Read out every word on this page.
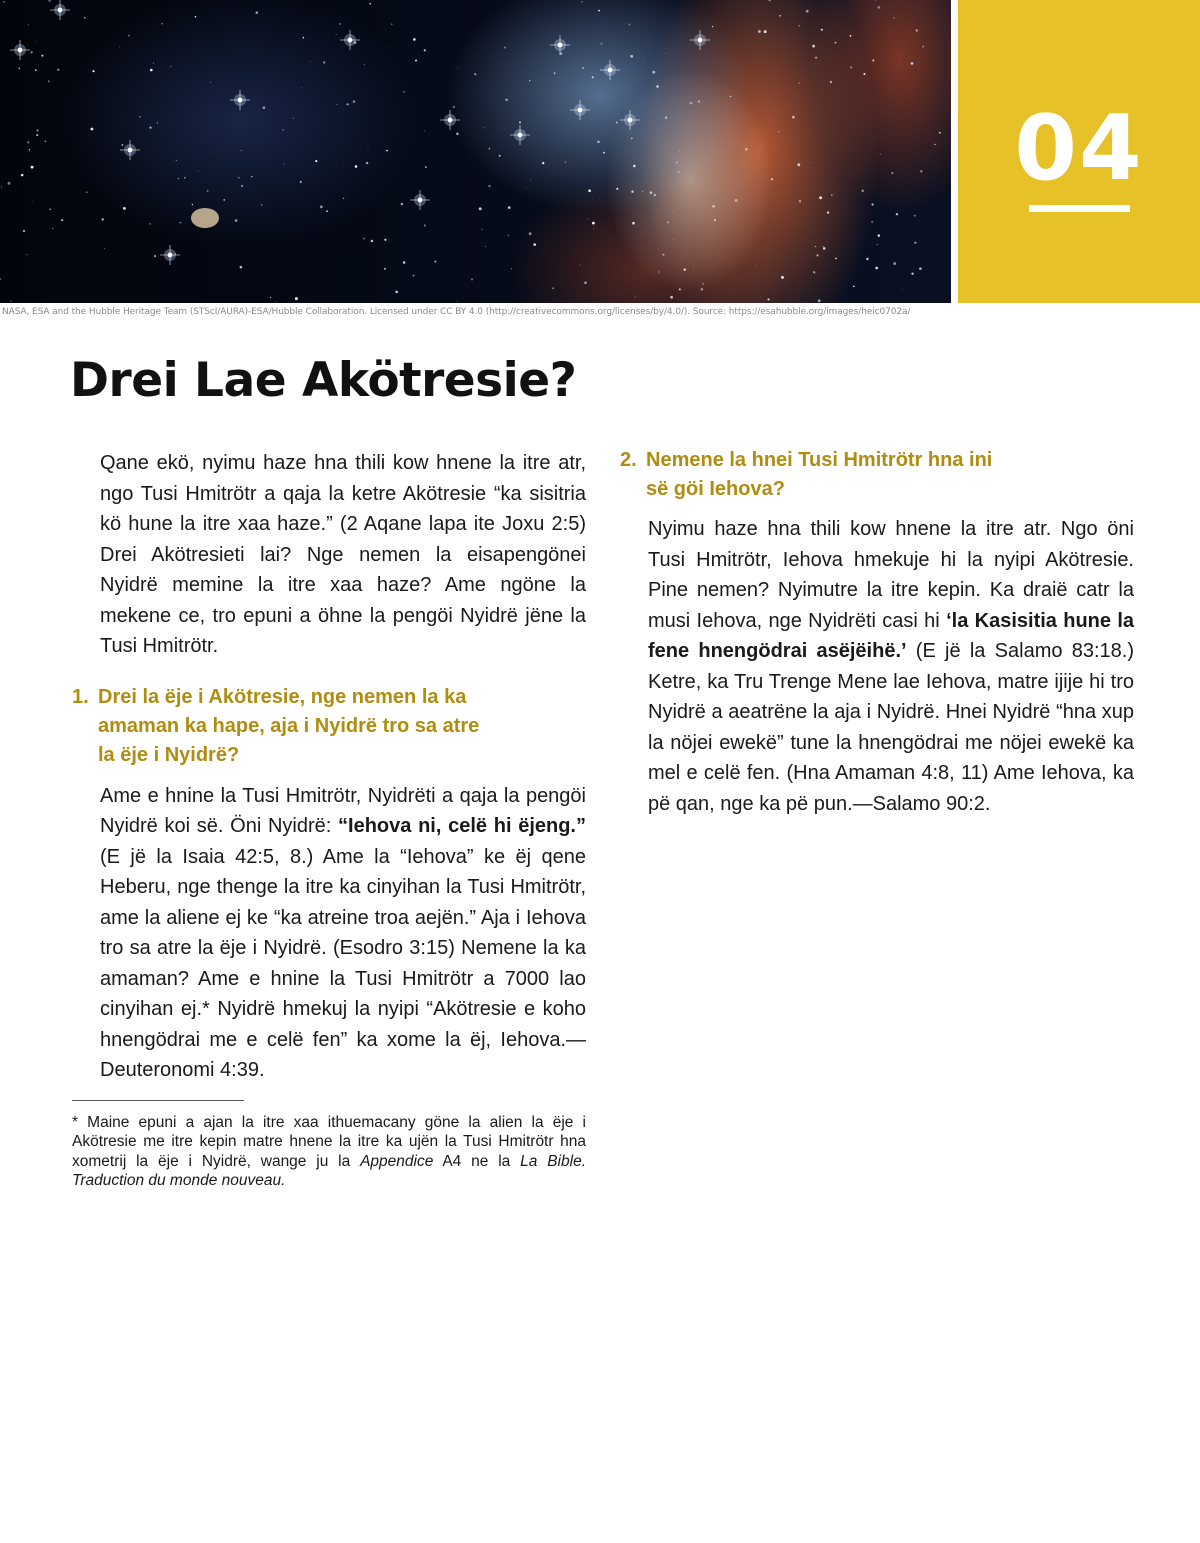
04
NASA, ESA and the Hubble Heritage Team (STScI/AURA)-ESA/Hubble Collaboration. Licensed under CC BY 4.0 (http://creativecommons.org/licenses/by/4.0/). Source: https://esahubble.org/images/heic0702a/
Drei Lae Akötresie?

Qane ekö, nyimu haze hna thili kow hnene la itre atr, ngo Tusi Hmitrötr a qaja la ketre Akötresie “ka sisitria kö hune la itre xaa haze.” (2 Aqane lapa ite Joxu 2:5) Drei Akötresieti lai? Nge nemen la eisapengönei Nyidrë memine la itre xaa haze? Ame ngöne la mekene ce, tro epuni a öhne la pengöi Nyidrë jëne la Tusi Hmitrötr.

1. Drei la ëje i Akötresie, nge nemen la ka
amaman ka hape, aja i Nyidrë tro sa atre
la ëje i Nyidrë?

Ame e hnine la Tusi Hmitrötr, Nyidrëti a qaja la pengöi Nyidrë koi së. Öni Nyidrë: “Iehova ni, celë hi ëjeng.” (E jë la Isaia 42:5, 8.) Ame la “Iehova” ke ëj qene Heberu, nge thenge la itre ka cinyihan la Tusi Hmitrötr, ame la aliene ej ke “ka atreine troa aejën.” Aja i Iehova tro sa atre la ëje i Nyidrë. (Esodro 3:15) Nemene la ka amaman? Ame e hnine la Tusi Hmitrötr a 7000 lao cinyihan ej.* Nyidrë hmekuj la nyipi “Akötresie e koho hnengödrai me e celë fen” ka xome la ëj, Iehova.—Deuteronomi 4:39.

* Maine epuni a ajan la itre xaa ithuemacany göne la alien la ëje i Akötresie me itre kepin matre hnene la itre ka ujën la Tusi Hmitrötr hna xometrij la ëje i Nyidrë, wange ju la Appendice A4 ne la La Bible. Traduction du monde nouveau.

2. Nemene la hnei Tusi Hmitrötr hna ini
së göi Iehova?

Nyimu haze hna thili kow hnene la itre atr. Ngo öni Tusi Hmitrötr, Iehova hmekuje hi la nyipi Akötresie. Pine nemen? Nyimutre la itre kepin. Ka draië catr la musi Iehova, nge Nyidrëti casi hi ‘la Kasisitia hune la fene hnengödrai asëjëihë.’ (E jë la Salamo 83:18.) Ketre, ka Tru Trenge Mene lae Iehova, matre ijije hi tro Nyidrë a aeatrëne la aja i Nyidrë. Hnei Nyidrë “hna xup la nöjei ewekë” tune la hnengödrai me nöjei ewekë ka mel e celë fen. (Hna Amaman 4:8, 11) Ame Iehova, ka pë qan, nge ka pë pun.—Salamo 90:2.
